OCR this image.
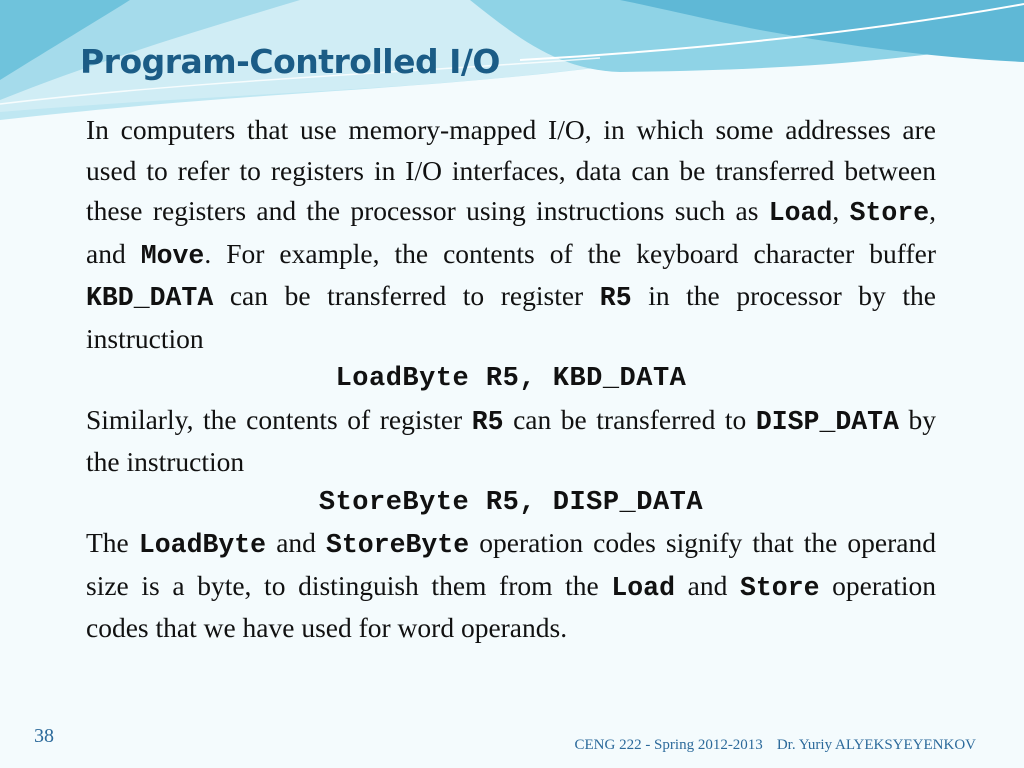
Program-Controlled I/O

In computers that use memory-mapped I/O, in which some addresses are used to refer to registers in I/O interfaces, data can be transferred between these registers and the processor using instructions such as Load, Store, and Move. For example, the contents of the keyboard character buffer KBD_DATA can be transferred to register R5 in the processor by the instruction

LoadByte R5, KBD_DATA

Similarly, the contents of register R5 can be transferred to DISP_DATA by the instruction

StoreByte R5, DISP_DATA

The LoadByte and StoreByte operation codes signify that the operand size is a byte, to distinguish them from the Load and Store operation codes that we have used for word operands.

38	CENG 222 - Spring 2012-2013 Dr. Yuriy ALYEKSYEYENKOV
